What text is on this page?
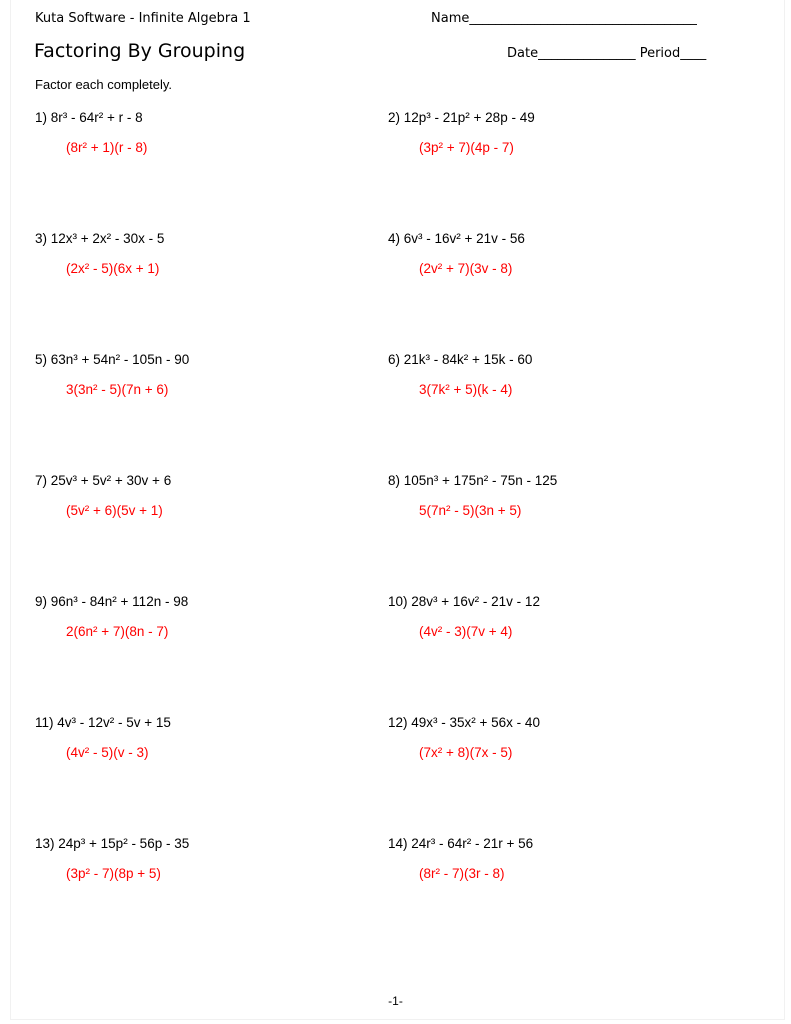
Kuta Software - Infinite Algebra 1	Name___________________________________
Factoring By Grouping	Date_______________ Period____
Factor each completely.
1) 8r³ - 64r² + r - 8
(8r² + 1)(r - 8)
2) 12p³ - 21p² + 28p - 49
(3p² + 7)(4p - 7)
3) 12x³ + 2x² - 30x - 5
(2x² - 5)(6x + 1)
4) 6v³ - 16v² + 21v - 56
(2v² + 7)(3v - 8)
5) 63n³ + 54n² - 105n - 90
3(3n² - 5)(7n + 6)
6) 21k³ - 84k² + 15k - 60
3(7k² + 5)(k - 4)
7) 25v³ + 5v² + 30v + 6
(5v² + 6)(5v + 1)
8) 105n³ + 175n² - 75n - 125
5(7n² - 5)(3n + 5)
9) 96n³ - 84n² + 112n - 98
2(6n² + 7)(8n - 7)
10) 28v³ + 16v² - 21v - 12
(4v² - 3)(7v + 4)
11) 4v³ - 12v² - 5v + 15
(4v² - 5)(v - 3)
12) 49x³ - 35x² + 56x - 40
(7x² + 8)(7x - 5)
13) 24p³ + 15p² - 56p - 35
(3p² - 7)(8p + 5)
14) 24r³ - 64r² - 21r + 56
(8r² - 7)(3r - 8)
-1-
